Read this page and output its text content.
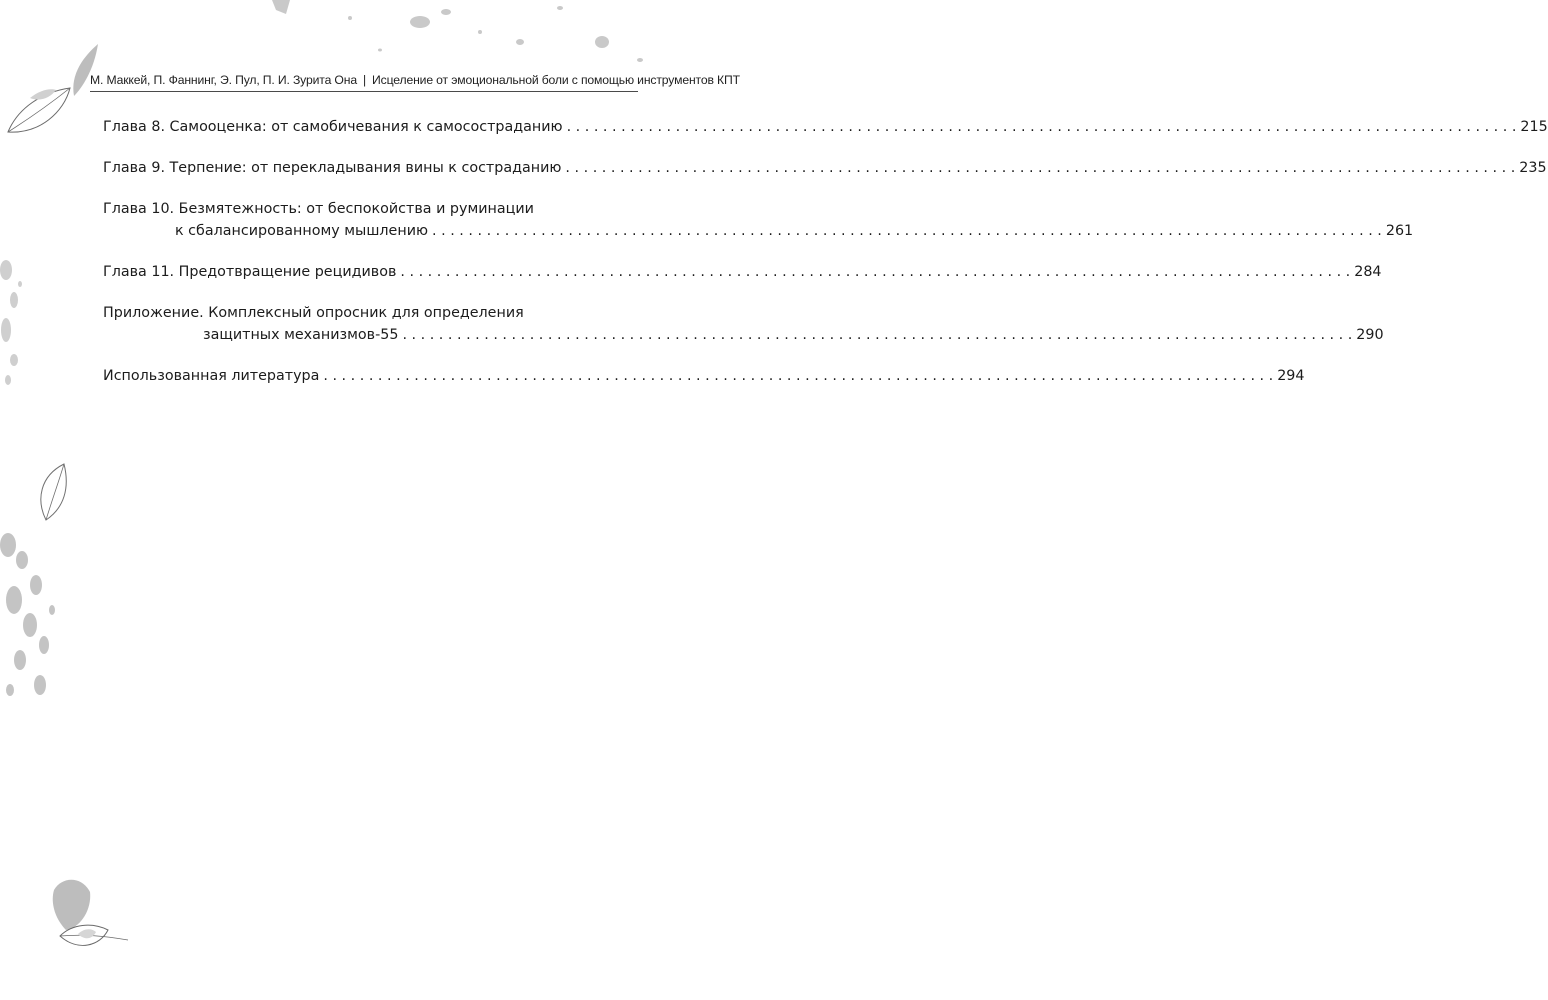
М. Маккей, П. Фаннинг, Э. Пул, П. И. Зурита Она | Исцеление от эмоциональной боли с помощью инструментов КПТ
Глава 8. Самооценка: от самобичевания к самосостраданию . . .	215
Глава 9. Терпение: от перекладывания вины к состраданию . . .	235
Глава 10. Безмятежность: от беспокойства и руминации
к сбалансированному мышлению . . .	261
Глава 11. Предотвращение рецидивов . . .	284
Приложение. Комплексный опросник для определения
защитных механизмов-55 . . .	290
Использованная литература . . .	294
